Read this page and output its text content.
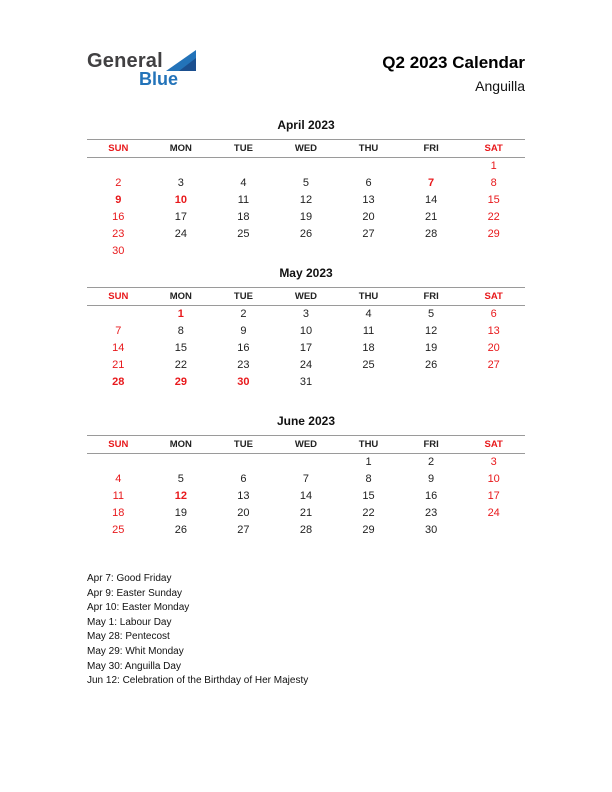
General
Blue
Q2 2023 Calendar
Anguilla
April 2023
SUN	MON	TUE	WED	THU	FRI	SAT
						1
2	3	4	5	6	7	8
9	10	11	12	13	14	15
16	17	18	19	20	21	22
23	24	25	26	27	28	29
30						
May 2023
SUN	MON	TUE	WED	THU	FRI	SAT
	1	2	3	4	5	6
7	8	9	10	11	12	13
14	15	16	17	18	19	20
21	22	23	24	25	26	27
28	29	30	31			
June 2023
SUN	MON	TUE	WED	THU	FRI	SAT
				1	2	3
4	5	6	7	8	9	10
11	12	13	14	15	16	17
18	19	20	21	22	23	24
25	26	27	28	29	30	
Apr 7: Good Friday
Apr 9: Easter Sunday
Apr 10: Easter Monday
May 1: Labour Day
May 28: Pentecost
May 29: Whit Monday
May 30: Anguilla Day
Jun 12: Celebration of the Birthday of Her Majesty
